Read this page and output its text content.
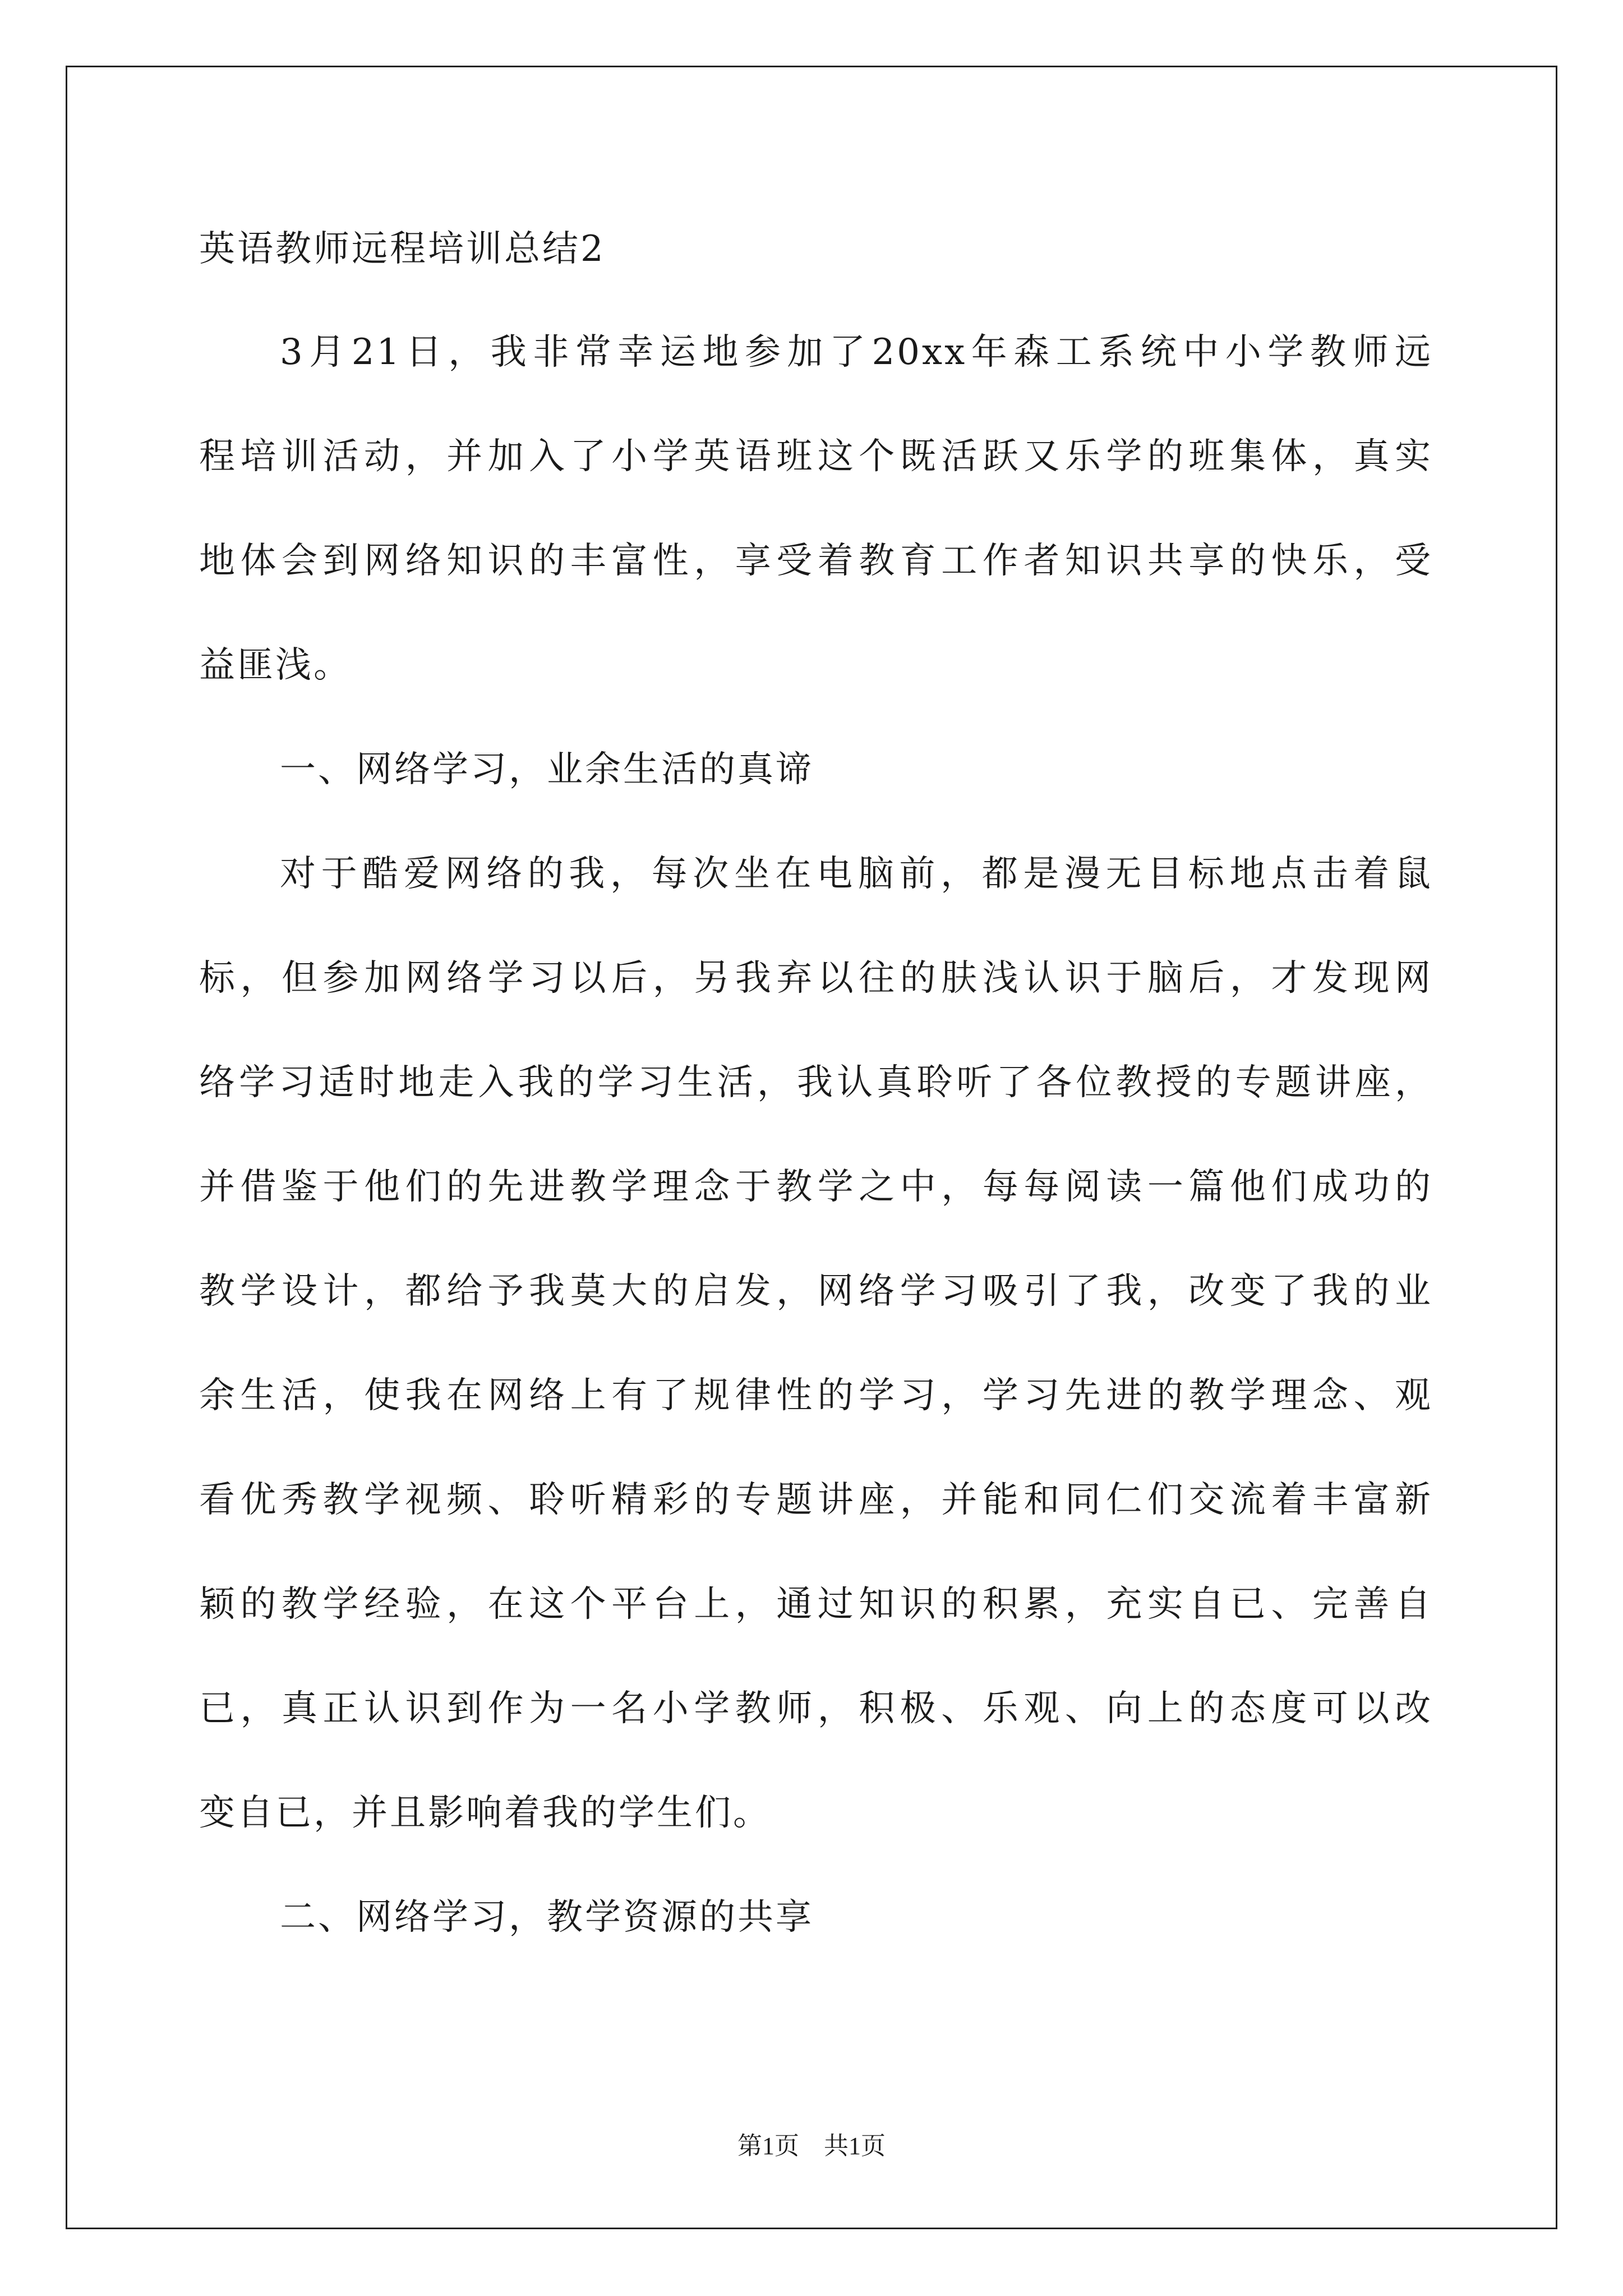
英语教师远程培训总结2
3月21日，我非常幸运地参加了20xx年森工系统中小学教师远
程培训活动，并加入了小学英语班这个既活跃又乐学的班集体，真实
地体会到网络知识的丰富性，享受着教育工作者知识共享的快乐，受
益匪浅。
一、网络学习，业余生活的真谛
对于酷爱网络的我，每次坐在电脑前，都是漫无目标地点击着鼠
标，但参加网络学习以后，另我弃以往的肤浅认识于脑后，才发现网
络学习适时地走入我的学习生活，我认真聆听了各位教授的专题讲座，
并借鉴于他们的先进教学理念于教学之中，每每阅读一篇他们成功的
教学设计，都给予我莫大的启发，网络学习吸引了我，改变了我的业
余生活，使我在网络上有了规律性的学习，学习先进的教学理念、观
看优秀教学视频、聆听精彩的专题讲座，并能和同仁们交流着丰富新
颖的教学经验，在这个平台上，通过知识的积累，充实自已、完善自
已，真正认识到作为一名小学教师，积极、乐观、向上的态度可以改
变自已，并且影响着我的学生们。
二、网络学习，教学资源的共享
第1页 共1页
